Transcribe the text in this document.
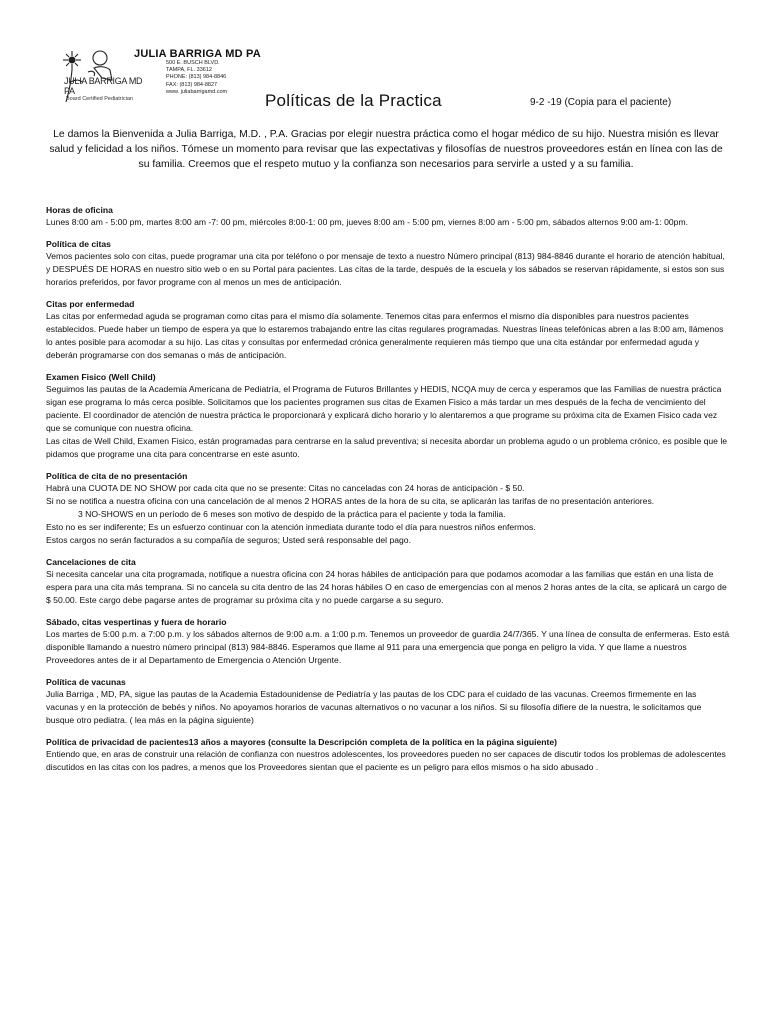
JULIA BARRIGA MD PA
Board Certified Pediatrician
JULIA BARRIGA MD PA
500 E. BUSCH BLVD.
TAMPA, FL. 33612
PHONE: (813) 984-8846
FAX: (813) 984-8827
www. juliabarrigamd.com	Políticas de la Practica	9-2 -19 (Copia para el paciente)
Le damos la Bienvenida a Julia Barriga, M.D. , P.A. Gracias por elegir nuestra práctica como el hogar médico de su hijo. Nuestra misión es llevar salud y felicidad a los niños. Tómese un momento para revisar que las expectativas y filosofías de nuestros proveedores están en línea con las de su familia. Creemos que el respeto mutuo y la confianza son necesarios para servirle a usted y a su familia.
Horas de oficina

Lunes 8:00 am - 5:00 pm, martes 8:00 am -7: 00 pm, miércoles 8:00-1: 00 pm, jueves 8:00 am - 5:00 pm, viernes 8:00 am - 5:00 pm, sábados alternos 9:00 am-1: 00pm.

Política de citas

Vemos pacientes solo con citas, puede programar una cita por teléfono o por mensaje de texto a nuestro Número principal (813) 984-8846 durante el horario de atención habitual, y DESPUÉS DE HORAS en nuestro sitio web o en su Portal para pacientes. Las citas de la tarde, después de la escuela y los sábados se reservan rápidamente, si estos son sus horarios preferidos, por favor programe con al menos un mes de anticipación.

Citas por enfermedad

Las citas por enfermedad aguda se programan como citas para el mismo día solamente. Tenemos citas para enfermos el mismo día disponibles para nuestros pacientes establecidos. Puede haber un tiempo de espera ya que lo estaremos trabajando entre las citas regulares programadas. Nuestras líneas telefónicas abren a las 8:00 am, llámenos lo antes posible para acomodar a su hijo. Las citas y consultas por enfermedad crónica generalmente requieren más tiempo que una cita estándar por enfermedad aguda y deberán programarse con dos semanas o más de anticipación.

Examen Fisico (Well Child)

Seguimos las pautas de la Academia Americana de Pediatría, el Programa de Futuros Brillantes y HEDIS, NCQA muy de cerca y esperamos que las Familias de nuestra práctica sigan ese programa lo más cerca posible. Solicitamos que los pacientes programen sus citas de Examen Fisico a más tardar un mes después de la fecha de vencimiento del paciente. El coordinador de atención de nuestra práctica le proporcionará y explicará dicho horario y lo alentaremos a que programe su próxima cita de Examen Fisico cada vez que se comunique con nuestra oficina.

Las citas de Well Child, Examen Fisico, están programadas para centrarse en la salud preventiva; si necesita abordar un problema agudo o un problema crónico, es posible que le pidamos que programe una cita para concentrarse en este asunto.

Política de cita de no presentación

Habrá una CUOTA DE NO SHOW por cada cita que no se presente: Citas no canceladas con 24 horas de anticipación - $ 50.

Si no se notifica a nuestra oficina con una cancelación de al menos 2 HORAS antes de la hora de su cita, se aplicarán las tarifas de no presentación anteriores.

3 NO-SHOWS en un período de 6 meses son motivo de despido de la práctica para el paciente y toda la familia.

Esto no es ser indiferente; Es un esfuerzo continuar con la atención inmediata durante todo el día para nuestros niños enfermos.

Estos cargos no serán facturados a su compañía de seguros; Usted será responsable del pago.

Cancelaciones de cita

Si necesita cancelar una cita programada, notifique a nuestra oficina con 24 horas hábiles de anticipación para que podamos acomodar a las familias que están en una lista de espera para una cita más temprana. Si no cancela su cita dentro de las 24 horas hábiles O en caso de emergencias con al menos 2 horas antes de la cita, se aplicará un cargo de $ 50.00. Este cargo debe pagarse antes de programar su próxima cita y no puede cargarse a su seguro.

Sábado, citas vespertinas y fuera de horario

Los martes de 5:00 p.m. a 7:00 p.m. y los sábados alternos de 9:00 a.m. a 1:00 p.m. Tenemos un proveedor de guardia 24/7/365. Y una línea de consulta de enfermeras. Esto está disponible llamando a nuestro número principal (813) 984-8846. Esperamos que llame al 911 para una emergencia que ponga en peligro la vida. Y que llame a nuestros Proveedores antes de ir al Departamento de Emergencia o Atención Urgente.

Política de vacunas

Julia Barriga , MD, PA, sigue las pautas de la Academia Estadounidense de Pediatría y las pautas de los CDC para el cuidado de las vacunas. Creemos firmemente en las vacunas y en la protección de bebés y niños. No apoyamos horarios de vacunas alternativos o no vacunar a los niños. Si su filosofía difiere de la nuestra, le solicitamos que busque otro pediatra. ( lea más en la página siguiente)

Política de privacidad de pacientes13 años a mayores (consulte la Descripción completa de la política en la página siguiente)

Entiendo que, en aras de construir una relación de confianza con nuestros adolescentes, los proveedores pueden no ser capaces de discutir todos los problemas de adolescentes discutidos en las citas con los padres, a menos que los Proveedores sientan que el paciente es un peligro para ellos mismos o ha sido abusado .
